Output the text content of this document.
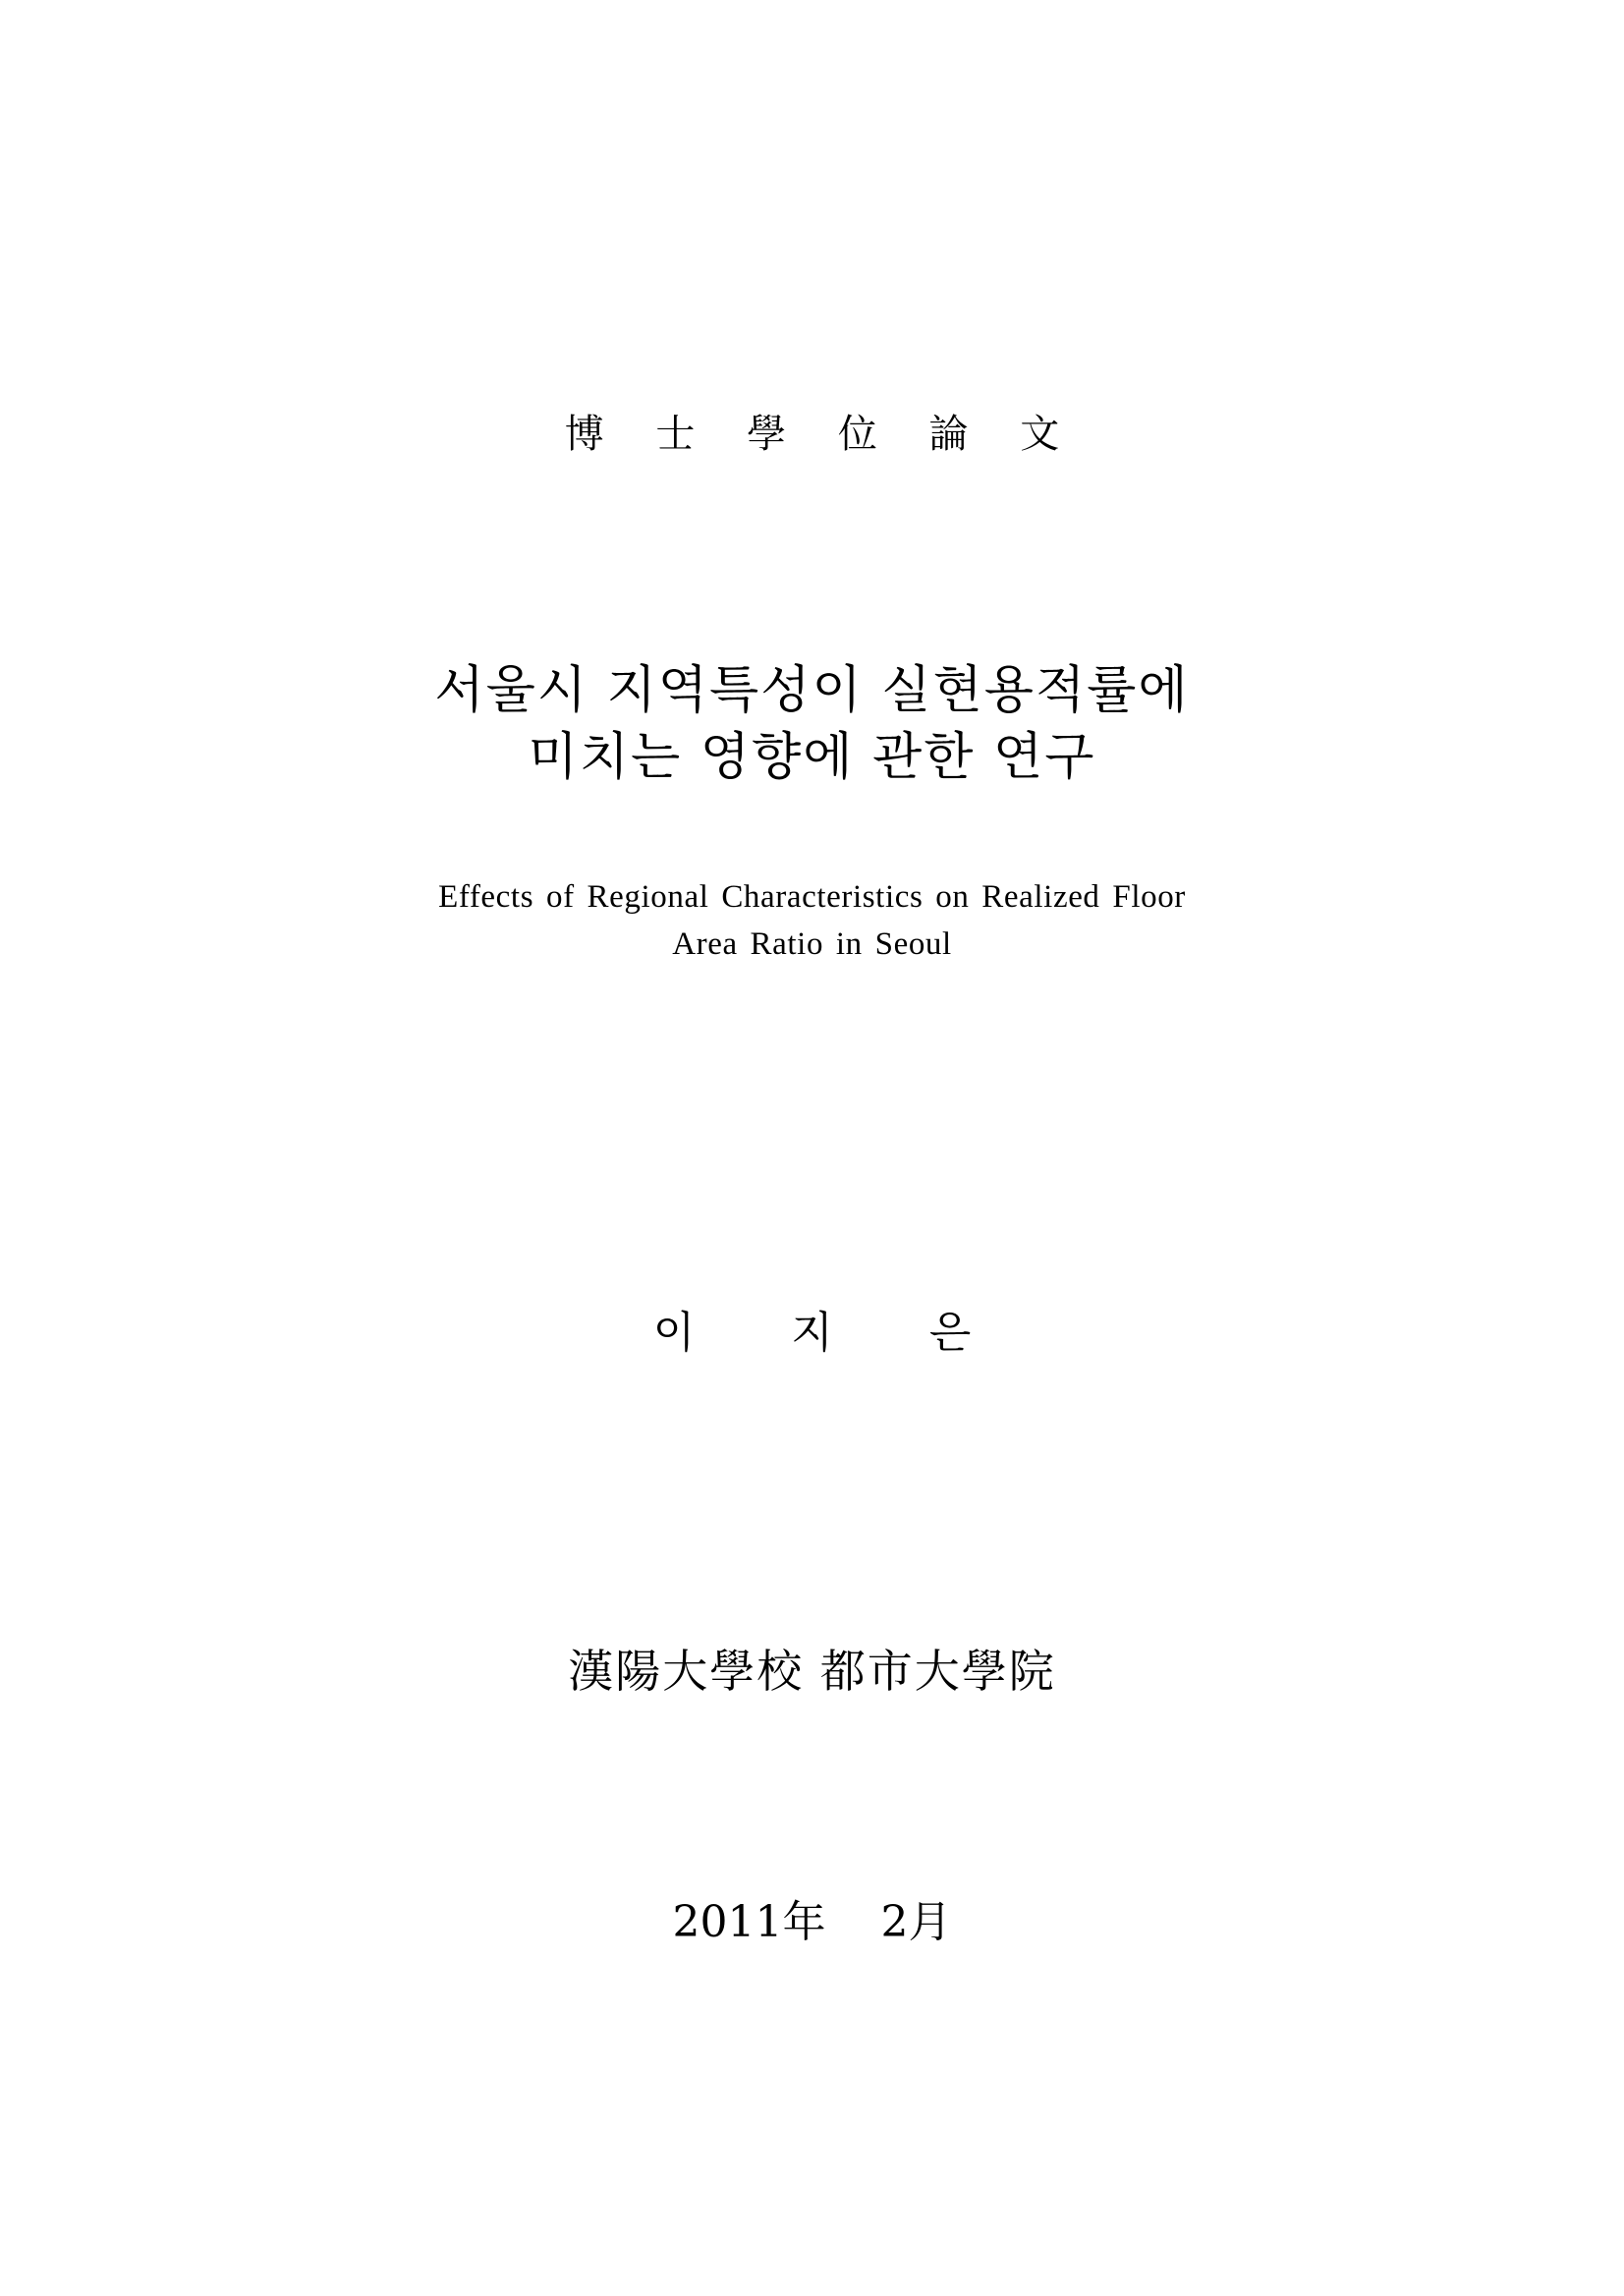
博 士 學 位 論 文
서울시 지역특성이 실현용적률에
미치는 영향에 관한 연구
Effects of Regional Characteristics on Realized Floor
Area Ratio in Seoul
이 지 은
漢陽大學校 都市大學院
2011年    2月
